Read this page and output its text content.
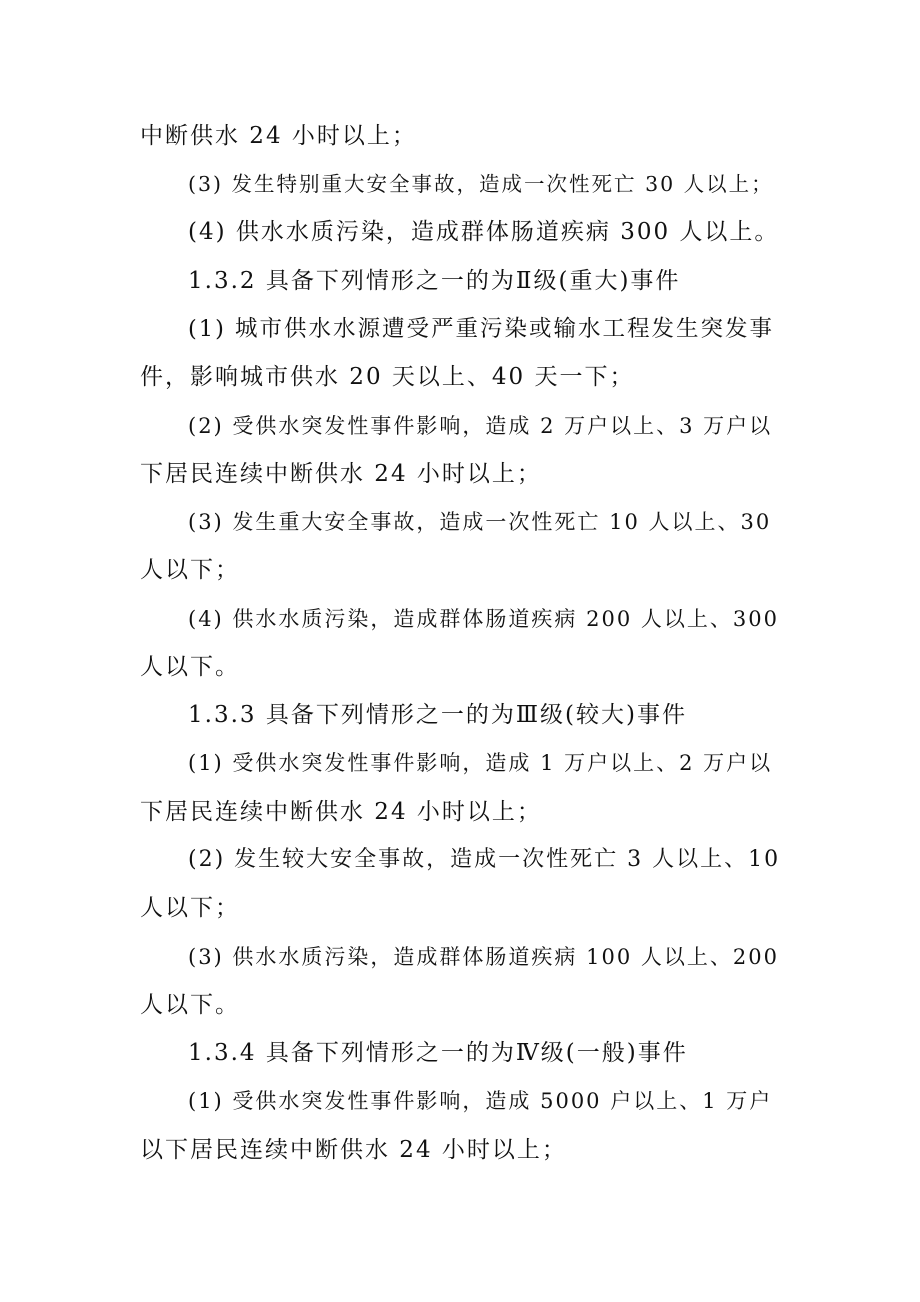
中断供水 24 小时以上；
(3) 发生特别重大安全事故，造成一次性死亡 30 人以上；
(4) 供水水质污染，造成群体肠道疾病 300 人以上。
1.3.2 具备下列情形之一的为Ⅱ级(重大)事件
(1) 城市供水水源遭受严重污染或输水工程发生突发事
件，影响城市供水 20 天以上、40 天一下；
(2) 受供水突发性事件影响，造成 2 万户以上、3 万户以
下居民连续中断供水 24 小时以上；
(3) 发生重大安全事故，造成一次性死亡 10 人以上、30
人以下；
(4) 供水水质污染，造成群体肠道疾病 200 人以上、300
人以下。
1.3.3 具备下列情形之一的为Ⅲ级(较大)事件
(1) 受供水突发性事件影响，造成 1 万户以上、2 万户以
下居民连续中断供水 24 小时以上；
(2) 发生较大安全事故，造成一次性死亡 3 人以上、10
人以下；
(3) 供水水质污染，造成群体肠道疾病 100 人以上、200
人以下。
1.3.4 具备下列情形之一的为Ⅳ级(一般)事件
(1) 受供水突发性事件影响，造成 5000 户以上、1 万户
以下居民连续中断供水 24 小时以上；
